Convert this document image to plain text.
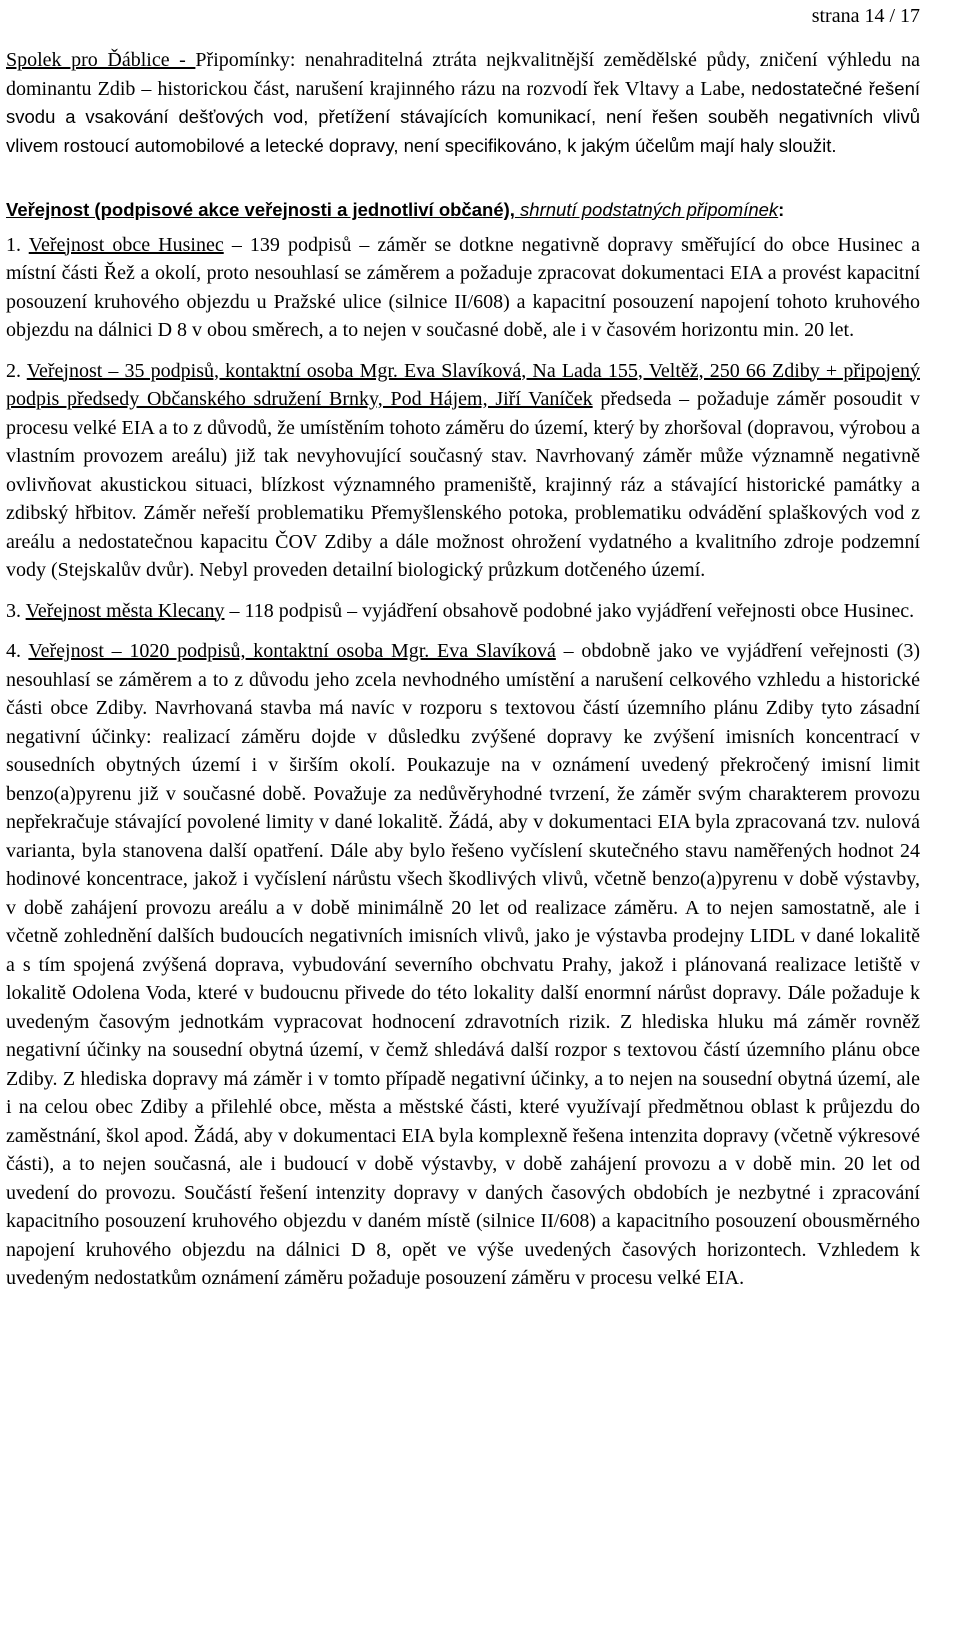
strana 14 / 17

Spolek pro Ďáblice - Připomínky: nenahraditelná ztráta nejkvalitnější zemědělské půdy, zničení výhledu na dominantu Zdib – historickou část, narušení krajinného rázu na rozvodí řek Vltavy a Labe, nedostatečné řešení svodu a vsakování dešťových vod, přetížení stávajících komunikací, není řešen souběh negativních vlivů vlivem rostoucí automobilové a letecké dopravy, není specifikováno, k jakým účelům mají haly sloužit.

Veřejnost (podpisové akce veřejnosti a jednotliví občané), shrnutí podstatných připomínek:

1. Veřejnost obce Husinec – 139 podpisů – záměr se dotkne negativně dopravy směřující do obce Husinec a místní části Řež a okolí, proto nesouhlasí se záměrem a požaduje zpracovat dokumentaci EIA a provést kapacitní posouzení kruhového objezdu u Pražské ulice (silnice II/608) a kapacitní posouzení napojení tohoto kruhového objezdu na dálnici D 8 v obou směrech, a to nejen v současné době, ale i v časovém horizontu min. 20 let.

2. Veřejnost – 35 podpisů, kontaktní osoba Mgr. Eva Slavíková, Na Lada 155, Veltěž, 250 66 Zdiby + připojený podpis předsedy Občanského sdružení Brnky, Pod Hájem, Jiří Vaníček předseda – požaduje záměr posoudit v procesu velké EIA a to z důvodů, že umístěním tohoto záměru do území, který by zhoršoval (dopravou, výrobou a vlastním provozem areálu) již tak nevyhovující současný stav. Navrhovaný záměr může významně negativně ovlivňovat akustickou situaci, blízkost významného prameniště, krajinný ráz a stávající historické památky a zdibský hřbitov. Záměr neřeší problematiku Přemyšlenského potoka, problematiku odvádění splaškových vod z areálu a nedostatečnou kapacitu ČOV Zdiby a dále možnost ohrožení vydatného a kvalitního zdroje podzemní vody (Stejskalův dvůr). Nebyl proveden detailní biologický průzkum dotčeného území.

3. Veřejnost města Klecany – 118 podpisů – vyjádření obsahově podobné jako vyjádření veřejnosti obce Husinec.

4. Veřejnost – 1020 podpisů, kontaktní osoba Mgr. Eva Slavíková – obdobně jako ve vyjádření veřejnosti (3) nesouhlasí se záměrem a to z důvodu jeho zcela nevhodného umístění a narušení celkového vzhledu a historické části obce Zdiby. Navrhovaná stavba má navíc v rozporu s textovou částí územního plánu Zdiby tyto zásadní negativní účinky: realizací záměru dojde v důsledku zvýšené dopravy ke zvýšení imisních koncentrací v sousedních obytných území i v širším okolí. Poukazuje na v oznámení uvedený překročený imisní limit benzo(a)pyrenu již v současné době. Považuje za nedůvěryhodné tvrzení, že záměr svým charakterem provozu nepřekračuje stávající povolené limity v dané lokalitě. Žádá, aby v dokumentaci EIA byla zpracovaná tzv. nulová varianta, byla stanovena další opatření. Dále aby bylo řešeno vyčíslení skutečného stavu naměřených hodnot 24 hodinové koncentrace, jakož i vyčíslení nárůstu všech škodlivých vlivů, včetně benzo(a)pyrenu v době výstavby, v době zahájení provozu areálu a v době minimálně 20 let od realizace záměru. A to nejen samostatně, ale i včetně zohlednění dalších budoucích negativních imisních vlivů, jako je výstavba prodejny LIDL v dané lokalitě a s tím spojená zvýšená doprava, vybudování severního obchvatu Prahy, jakož i plánovaná realizace letiště v lokalitě Odolena Voda, které v budoucnu přivede do této lokality další enormní nárůst dopravy. Dále požaduje k uvedeným časovým jednotkám vypracovat hodnocení zdravotních rizik. Z hlediska hluku má záměr rovněž negativní účinky na sousední obytná území, v čemž shledává další rozpor s textovou částí územního plánu obce Zdiby. Z hlediska dopravy má záměr i v tomto případě negativní účinky, a to nejen na sousední obytná území, ale i na celou obec Zdiby a přilehlé obce, města a městské části, které využívají předmětnou oblast k průjezdu do zaměstnání, škol apod. Žádá, aby v dokumentaci EIA byla komplexně řešena intenzita dopravy (včetně výkresové části), a to nejen současná, ale i budoucí v době výstavby, v době zahájení provozu a v době min. 20 let od uvedení do provozu. Součástí řešení intenzity dopravy v daných časových obdobích je nezbytné i zpracování kapacitního posouzení kruhového objezdu v daném místě (silnice II/608) a kapacitního posouzení obousměrného napojení kruhového objezdu na dálnici D 8, opět ve výše uvedených časových horizontech. Vzhledem k uvedeným nedostatkům oznámení záměru požaduje posouzení záměru v procesu velké EIA.
